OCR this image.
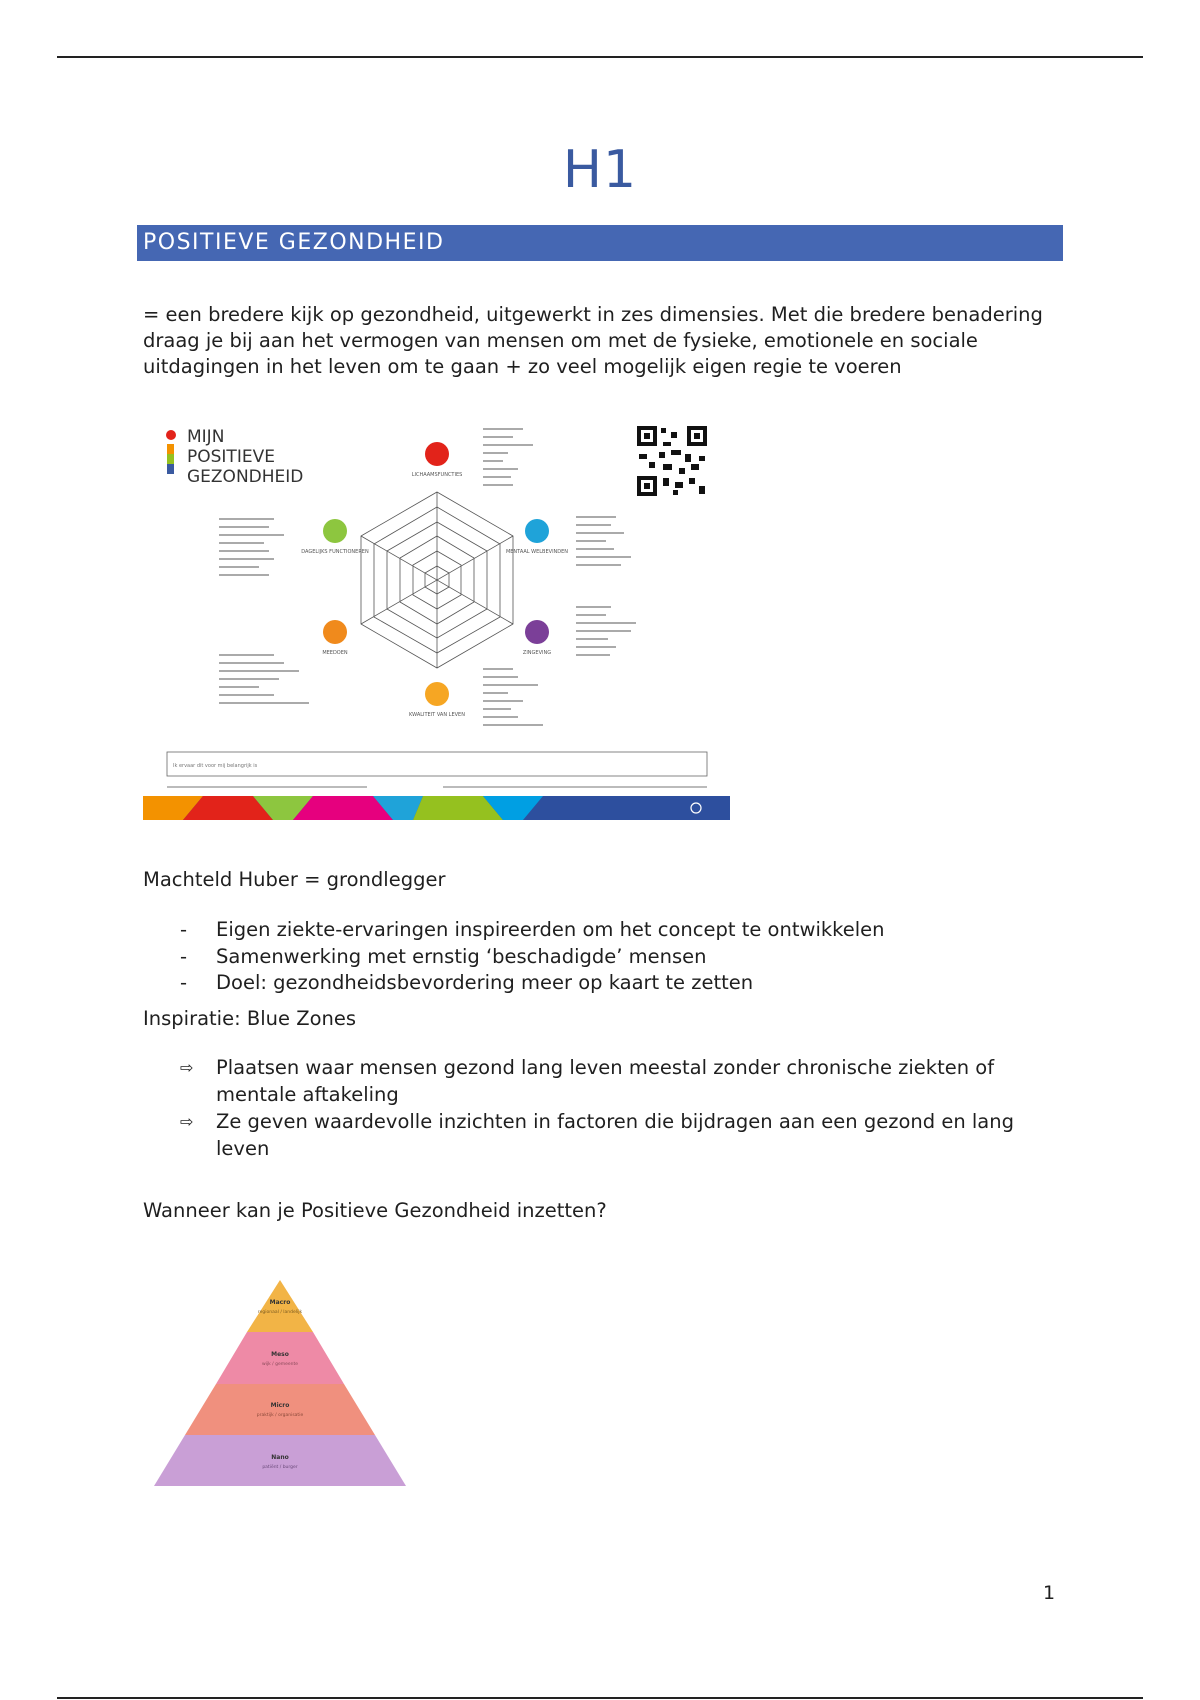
H1
POSITIEVE GEZONDHEID

= een bredere kijk op gezondheid, uitgewerkt in zes dimensies. Met die bredere benadering draag je bij aan het vermogen van mensen om met de fysieke, emotionele en sociale uitdagingen in het leven om te gaan + zo veel mogelijk eigen regie te voeren

MIJN
POSITIEVE
GEZONDHEID	LICHAAMSFUNCTIES
MENTAAL WELBEVINDEN
ZINGEVING
KWALITEIT VAN LEVEN
MEEDOEN
DAGELIJKS FUNCTIONEREN
Ik ervaar dit voor mij belangrijk is

Machteld Huber = grondlegger

-	Eigen ziekte-ervaringen inspireerden om het concept te ontwikkelen
-	Samenwerking met ernstig ‘beschadigde’ mensen
-	Doel: gezondheidsbevordering meer op kaart te zetten

Inspiratie: Blue Zones

⇨ Plaatsen waar mensen gezond lang leven meestal zonder chronische ziekten of mentale aftakeling
⇨ Ze geven waardevolle inzichten in factoren die bijdragen aan een gezond en lang leven

Wanneer kan je Positieve Gezondheid inzetten?

Macro
regionaal / landelijk
Meso
wijk / gemeente
Micro
praktijk / organisatie
Nano
patiënt / burger
1
